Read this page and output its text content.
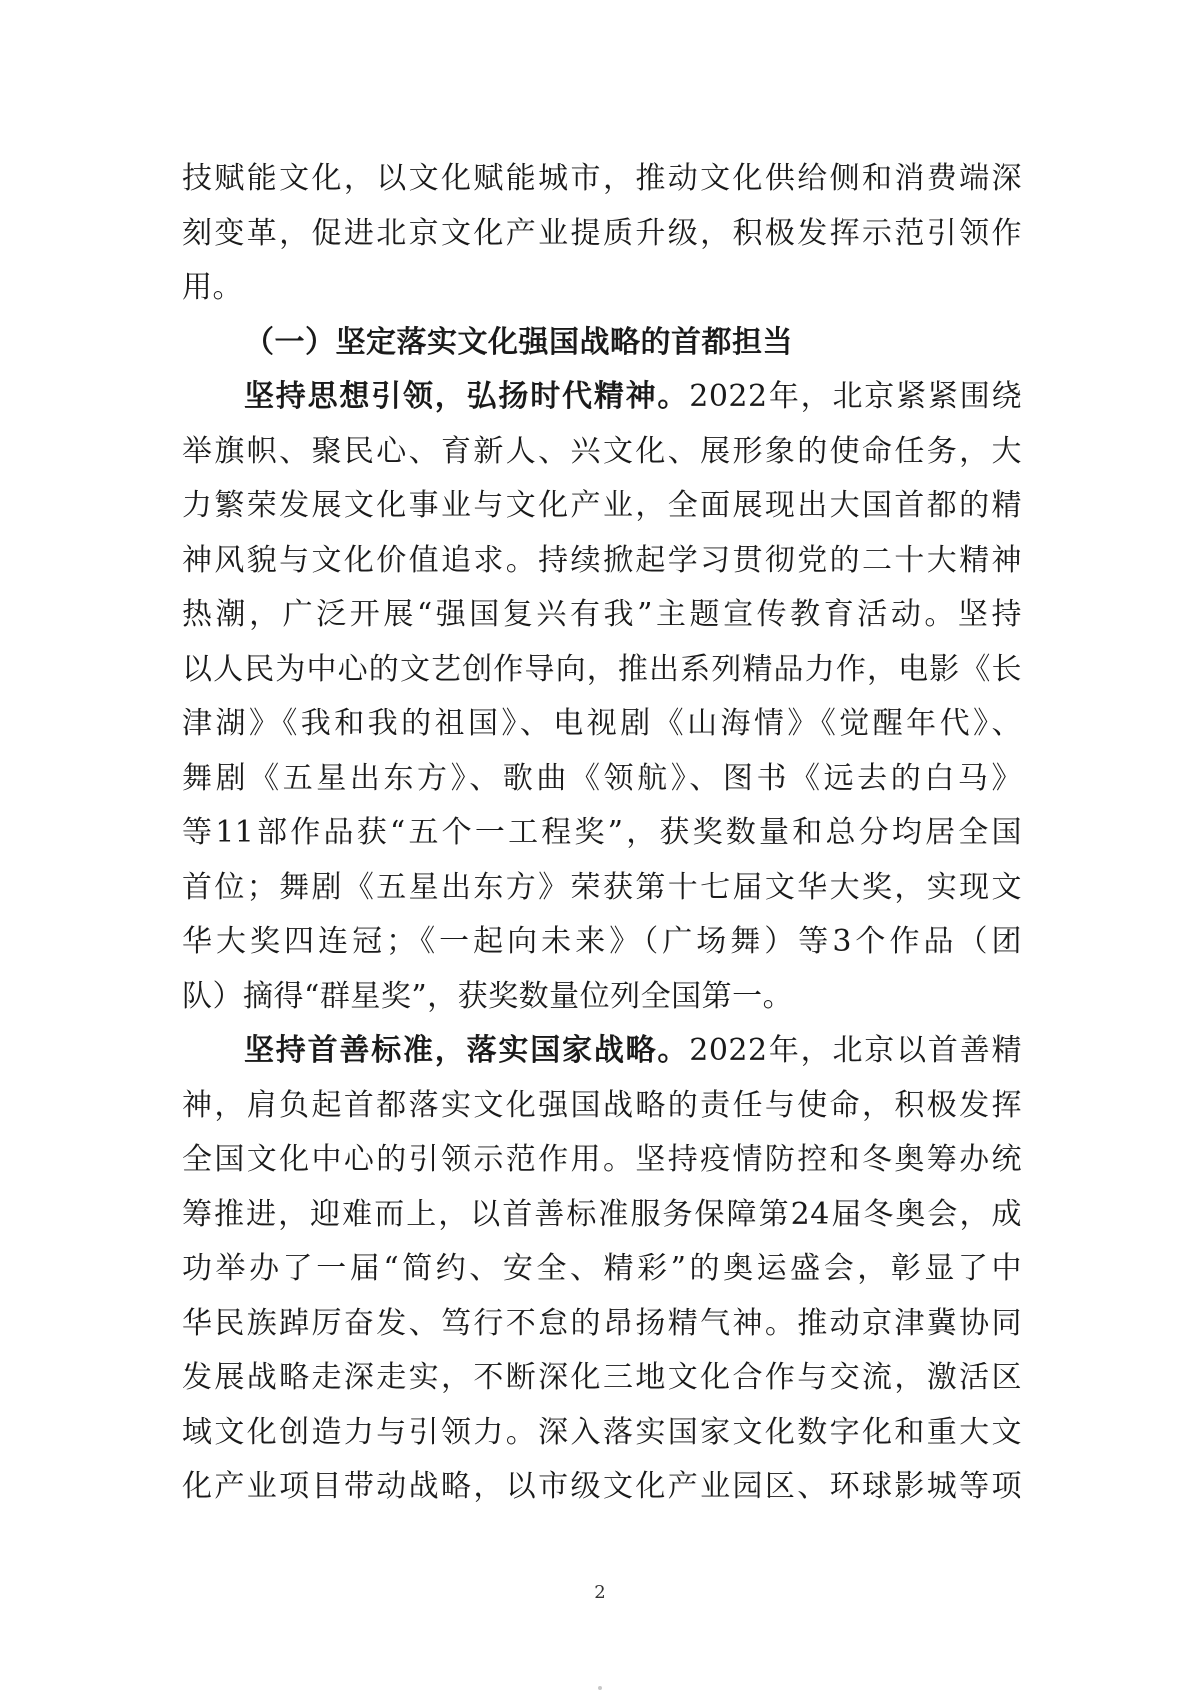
技赋能文化，以文化赋能城市，推动文化供给侧和消费端深
刻变革，促进北京文化产业提质升级，积极发挥示范引领作
用。
（一）坚定落实文化强国战略的首都担当
坚持思想引领，弘扬时代精神。2022年，北京紧紧围绕
举旗帜、聚民心、育新人、兴文化、展形象的使命任务，大
力繁荣发展文化事业与文化产业，全面展现出大国首都的精
神风貌与文化价值追求。持续掀起学习贯彻党的二十大精神
热潮，广泛开展“强国复兴有我”主题宣传教育活动。坚持
以人民为中心的文艺创作导向，推出系列精品力作，电影《长
津湖》《我和我的祖国》、电视剧《山海情》《觉醒年代》、
舞剧《五星出东方》、歌曲《领航》、图书《远去的白马》
等11部作品获“五个一工程奖”，获奖数量和总分均居全国
首位；舞剧《五星出东方》荣获第十七届文华大奖，实现文
华大奖四连冠；《一起向未来》（广场舞）等3个作品（团
队）摘得“群星奖”，获奖数量位列全国第一。
坚持首善标准，落实国家战略。2022年，北京以首善精
神，肩负起首都落实文化强国战略的责任与使命，积极发挥
全国文化中心的引领示范作用。坚持疫情防控和冬奥筹办统
筹推进，迎难而上，以首善标准服务保障第24届冬奥会，成
功举办了一届“简约、安全、精彩”的奥运盛会，彰显了中
华民族踔厉奋发、笃行不怠的昂扬精气神。推动京津冀协同
发展战略走深走实，不断深化三地文化合作与交流，激活区
域文化创造力与引领力。深入落实国家文化数字化和重大文
化产业项目带动战略，以市级文化产业园区、环球影城等项
2
